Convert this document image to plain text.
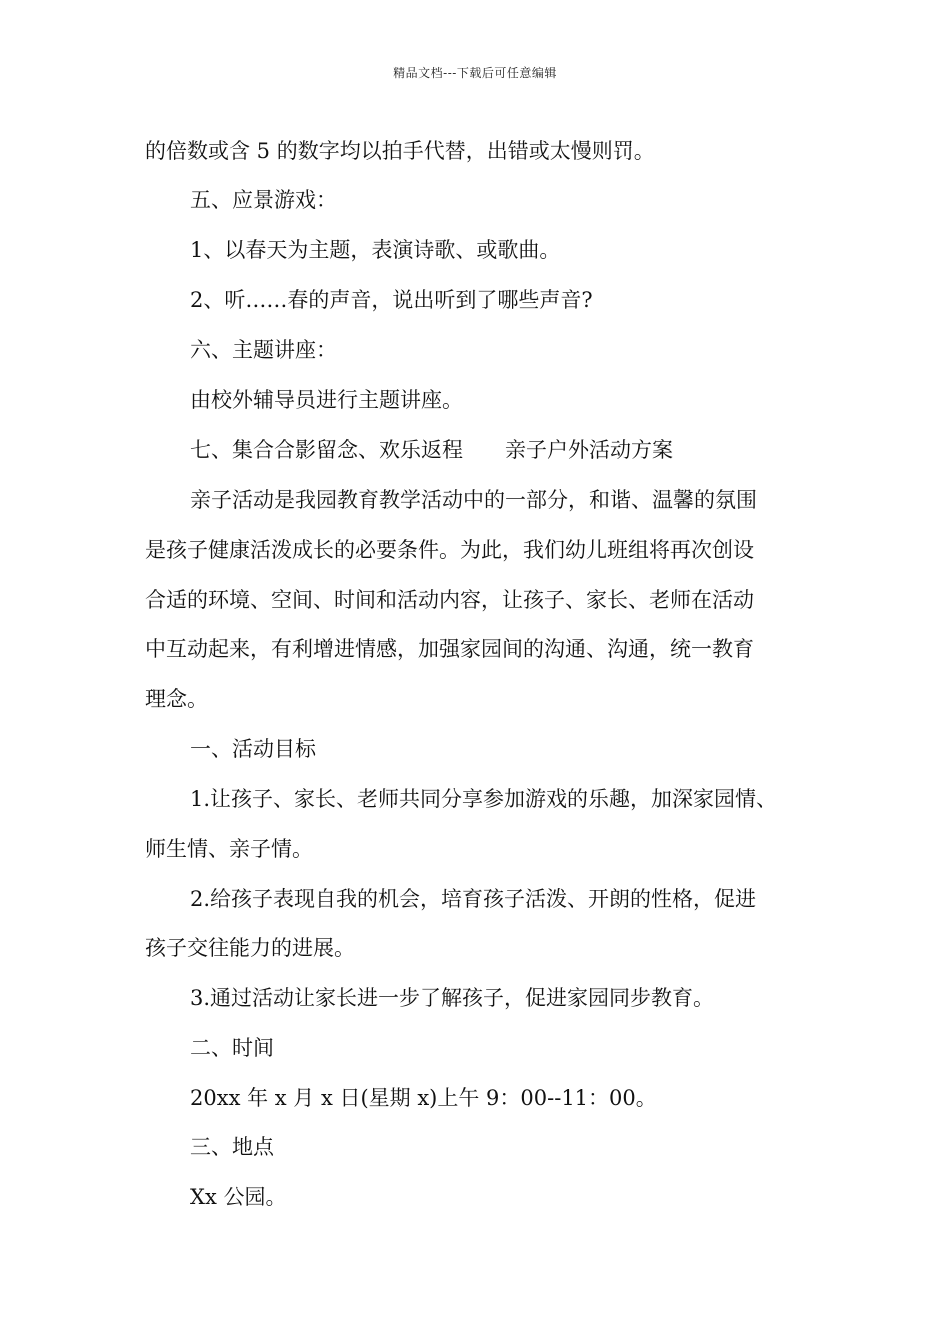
精品文档---下载后可任意编辑

的倍数或含 5 的数字均以拍手代替，出错或太慢则罚。

五、应景游戏：

1、以春天为主题，表演诗歌、或歌曲。

2、听……春的声音，说出听到了哪些声音?

六、主题讲座：

由校外辅导员进行主题讲座。

七、集合合影留念、欢乐返程　　亲子户外活动方案

亲子活动是我园教育教学活动中的一部分，和谐、温馨的氛围

是孩子健康活泼成长的必要条件。为此，我们幼儿班组将再次创设

合适的环境、空间、时间和活动内容，让孩子、家长、老师在活动

中互动起来，有利增进情感，加强家园间的沟通、沟通，统一教育

理念。

一、活动目标

1.让孩子、家长、老师共同分享参加游戏的乐趣，加深家园情、

师生情、亲子情。

2.给孩子表现自我的机会，培育孩子活泼、开朗的性格，促进

孩子交往能力的进展。

3.通过活动让家长进一步了解孩子，促进家园同步教育。

二、时间

20xx 年 x 月 x 日(星期 x)上午 9：00--11：00。

三、地点

Xx 公园。
